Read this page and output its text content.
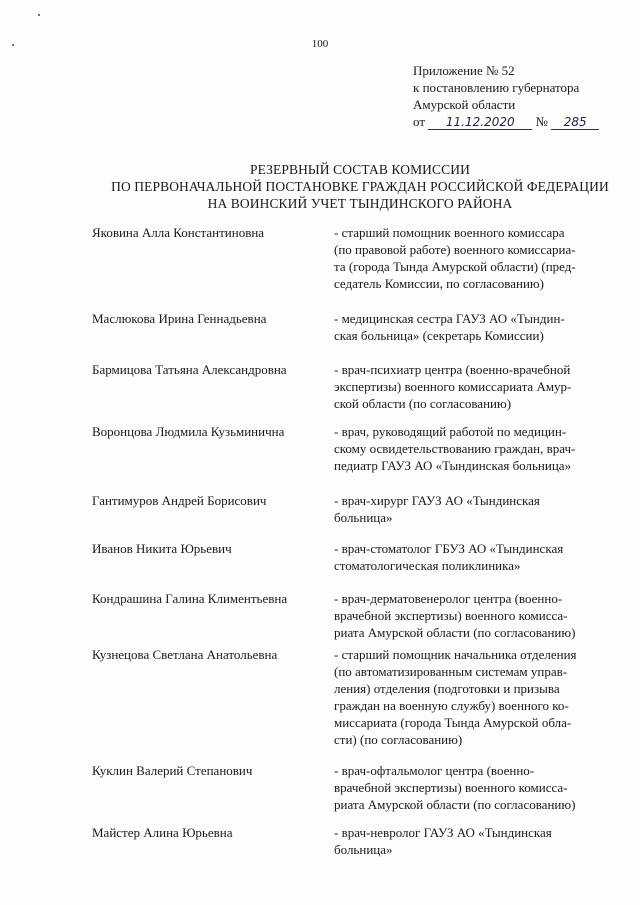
100
Приложение № 52
к постановлению губернатора
Амурской области
от 11.12.2020 № 285
РЕЗЕРВНЫЙ СОСТАВ КОМИССИИ
ПО ПЕРВОНАЧАЛЬНОЙ ПОСТАНОВКЕ ГРАЖДАН РОССИЙСКОЙ ФЕДЕРАЦИИ
НА ВОИНСКИЙ УЧЕТ ТЫНДИНСКОГО РАЙОНА
Яковина Алла Константиновна	- старший помощник военного комиссара
(по правовой работе) военного комиссариа-
та (города Тында Амурской области) (пред-
седатель Комиссии, по согласованию)
Маслюкова Ирина Геннадьевна	- медицинская сестра ГАУЗ АО «Тындин-
ская больница» (секретарь Комиссии)
Бармицова Татьяна Александровна	- врач-психиатр центра (военно-врачебной
экспертизы) военного комиссариата Амур-
ской области (по согласованию)
Воронцова Людмила Кузьминична	- врач, руководящий работой по медицин-
скому освидетельствованию граждан, врач-
педиатр ГАУЗ АО «Тындинская больница»
Гантимуров Андрей Борисович	- врач-хирург ГАУЗ АО «Тындинская
больница»
Иванов Никита Юрьевич	- врач-стоматолог ГБУЗ АО «Тындинская
стоматологическая поликлиника»
Кондрашина Галина Климентьевна	- врач-дерматовенеролог центра (военно-
врачебной экспертизы) военного комисса-
риата Амурской области (по согласованию)
Кузнецова Светлана Анатольевна	- старший помощник начальника отделения
(по автоматизированным системам управ-
ления) отделения (подготовки и призыва
граждан на военную службу) военного ко-
миссариата (города Тында Амурской обла-
сти) (по согласованию)
Куклин Валерий Степанович	- врач-офтальмолог центра (военно-
врачебной экспертизы) военного комисса-
риата Амурской области (по согласованию)
Майстер Алина Юрьевна	- врач-невролог ГАУЗ АО «Тындинская
больница»
